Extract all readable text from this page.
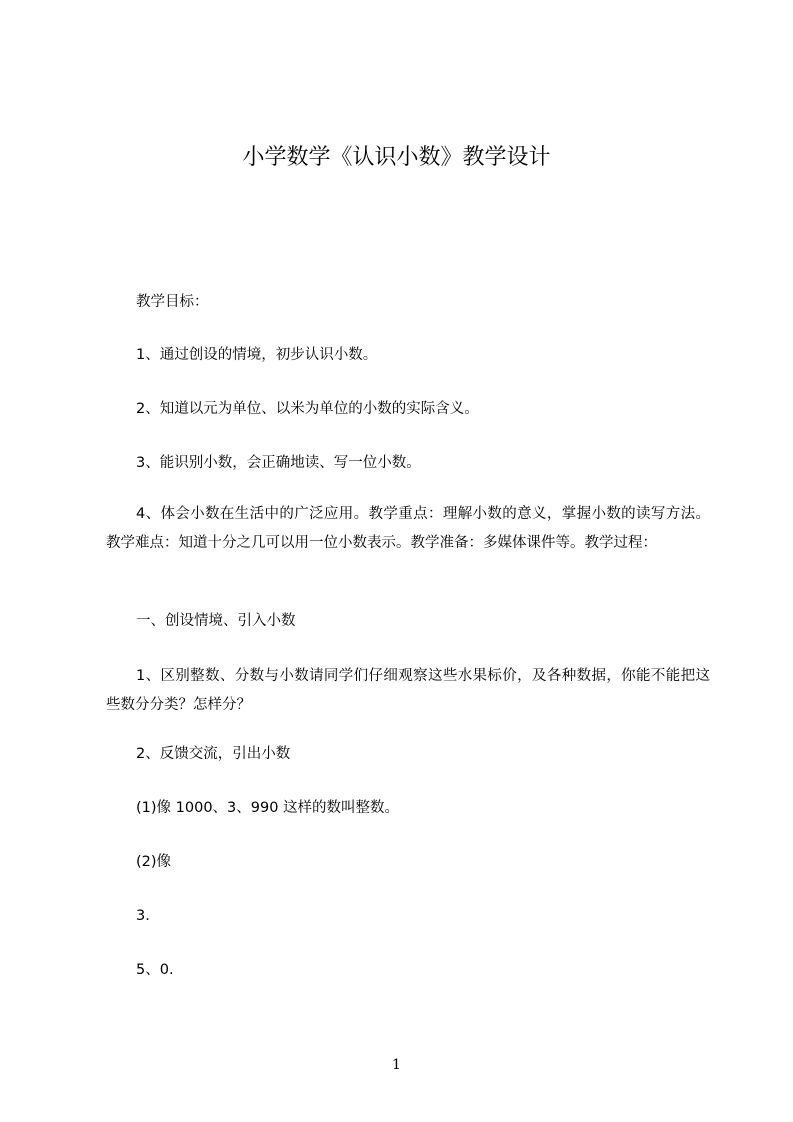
小学数学《认识小数》教学设计
教学目标：
1、通过创设的情境，初步认识小数。
2、知道以元为单位、以米为单位的小数的实际含义。
3、能识别小数，会正确地读、写一位小数。
4、体会小数在生活中的广泛应用。教学重点：理解小数的意义，掌握小数的读写方法。教学难点：知道十分之几可以用一位小数表示。教学准备：多媒体课件等。教学过程：
一、创设情境、引入小数
1、区别整数、分数与小数请同学们仔细观察这些水果标价，及各种数据，你能不能把这些数分分类？怎样分？
2、反馈交流，引出小数
(1)像 1000、3、990 这样的数叫整数。
(2)像
3.
5、0.
1
